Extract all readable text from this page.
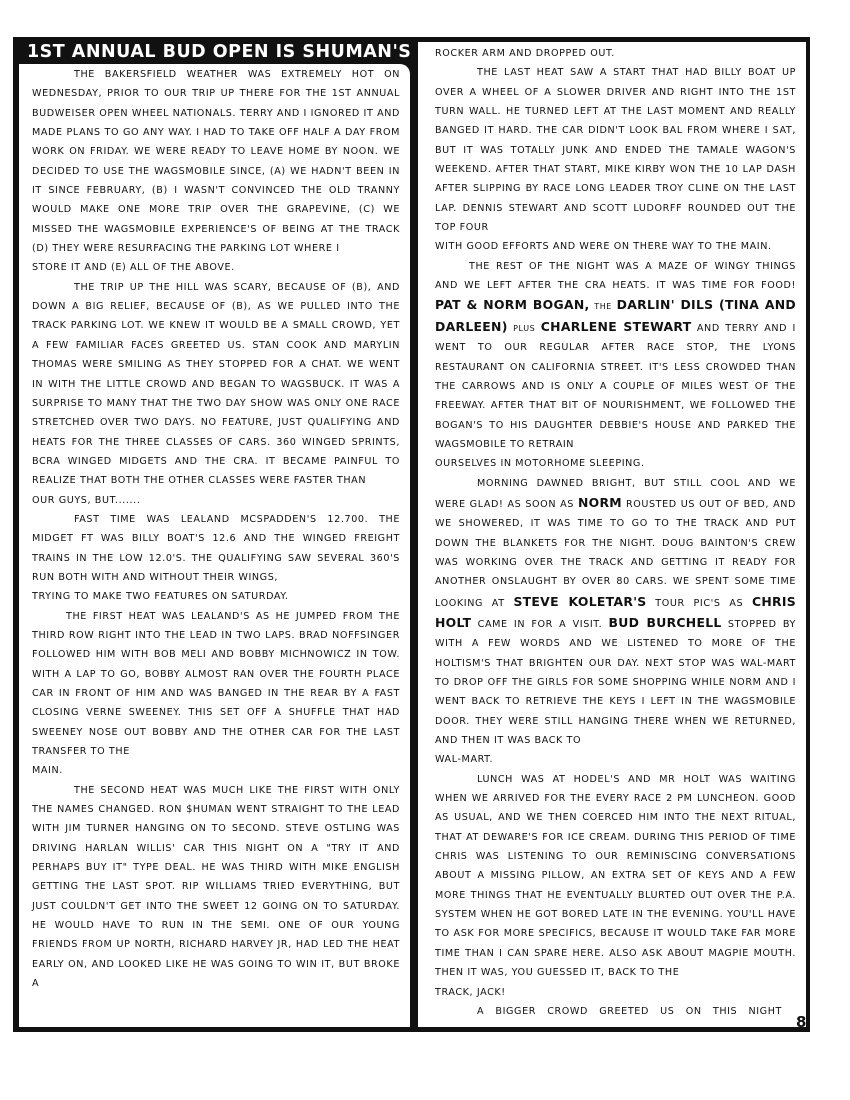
1ST ANNUAL BUD OPEN IS SHUMAN'S

THE BAKERSFIELD WEATHER WAS EXTREMELY HOT ON WEDNESDAY, PRIOR TO OUR TRIP UP THERE FOR THE 1ST ANNUAL BUDWEISER OPEN WHEEL NATIONALS. TERRY AND I IGNORED IT AND MADE PLANS TO GO ANY WAY. I HAD TO TAKE OFF HALF A DAY FROM WORK ON FRIDAY. WE WERE READY TO LEAVE HOME BY NOON. WE DECIDED TO USE THE WAGSMOBILE SINCE, (A) WE HADN'T BEEN IN IT SINCE FEBRUARY, (B) I WASN'T CONVINCED THE OLD TRANNY WOULD MAKE ONE MORE TRIP OVER THE GRAPEVINE, (C) WE MISSED THE WAGSMOBILE EXPERIENCE'S OF BEING AT THE TRACK (D) THEY WERE RESURFACING THE PARKING LOT WHERE I

STORE IT AND (E) ALL OF THE ABOVE.

THE TRIP UP THE HILL WAS SCARY, BECAUSE OF (B), AND DOWN A BIG RELIEF, BECAUSE OF (B), AS WE PULLED INTO THE TRACK PARKING LOT. WE KNEW IT WOULD BE A SMALL CROWD, YET A FEW FAMILIAR FACES GREETED US. STAN COOK AND MARYLIN THOMAS WERE SMILING AS THEY STOPPED FOR A CHAT. WE WENT IN WITH THE LITTLE CROWD AND BEGAN TO WAGSBUCK. IT WAS A SURPRISE TO MANY THAT THE TWO DAY SHOW WAS ONLY ONE RACE STRETCHED OVER TWO DAYS. NO FEATURE, JUST QUALIFYING AND HEATS FOR THE THREE CLASSES OF CARS. 360 WINGED SPRINTS, BCRA WINGED MIDGETS AND THE CRA. IT BECAME PAINFUL TO REALIZE THAT BOTH THE OTHER CLASSES WERE FASTER THAN

OUR GUYS, BUT.......

FAST TIME WAS LEALAND MCSPADDEN'S 12.700. THE MIDGET FT WAS BILLY BOAT'S 12.6 AND THE WINGED FREIGHT TRAINS IN THE LOW 12.0'S. THE QUALIFYING SAW SEVERAL 360'S RUN BOTH WITH AND WITHOUT THEIR WINGS,

TRYING TO MAKE TWO FEATURES ON SATURDAY.

THE FIRST HEAT WAS LEALAND'S AS HE JUMPED FROM THE THIRD ROW RIGHT INTO THE LEAD IN TWO LAPS. BRAD NOFFSINGER FOLLOWED HIM WITH BOB MELI AND BOBBY MICHNOWICZ IN TOW. WITH A LAP TO GO, BOBBY ALMOST RAN OVER THE FOURTH PLACE CAR IN FRONT OF HIM AND WAS BANGED IN THE REAR BY A FAST CLOSING VERNE SWEENEY. THIS SET OFF A SHUFFLE THAT HAD SWEENEY NOSE OUT BOBBY AND THE OTHER CAR FOR THE LAST TRANSFER TO THE

MAIN.

THE SECOND HEAT WAS MUCH LIKE THE FIRST WITH ONLY THE NAMES CHANGED. RON $HUMAN WENT STRAIGHT TO THE LEAD WITH JIM TURNER HANGING ON TO SECOND. STEVE OSTLING WAS DRIVING HARLAN WILLIS' CAR THIS NIGHT ON A "TRY IT AND PERHAPS BUY IT" TYPE DEAL. HE WAS THIRD WITH MIKE ENGLISH GETTING THE LAST SPOT. RIP WILLIAMS TRIED EVERYTHING, BUT JUST COULDN'T GET INTO THE SWEET 12 GOING ON TO SATURDAY. HE WOULD HAVE TO RUN IN THE SEMI. ONE OF OUR YOUNG FRIENDS FROM UP NORTH, RICHARD HARVEY JR, HAD LED THE HEAT EARLY ON, AND LOOKED LIKE HE WAS GOING TO WIN IT, BUT BROKE A

ROCKER ARM AND DROPPED OUT.

THE LAST HEAT SAW A START THAT HAD BILLY BOAT UP OVER A WHEEL OF A SLOWER DRIVER AND RIGHT INTO THE 1ST TURN WALL. HE TURNED LEFT AT THE LAST MOMENT AND REALLY BANGED IT HARD. THE CAR DIDN'T LOOK BAL FROM WHERE I SAT, BUT IT WAS TOTALLY JUNK AND ENDED THE TAMALE WAGON'S WEEKEND. AFTER THAT START, MIKE KIRBY WON THE 10 LAP DASH AFTER SLIPPING BY RACE LONG LEADER TROY CLINE ON THE LAST LAP. DENNIS STEWART AND SCOTT LUDORFF ROUNDED OUT THE TOP FOUR

WITH GOOD EFFORTS AND WERE ON THERE WAY TO THE MAIN.

THE REST OF THE NIGHT WAS A MAZE OF WINGY THINGS AND WE LEFT AFTER THE CRA HEATS. IT WAS TIME FOR FOOD! PAT & NORM BOGAN, THE DARLIN' DILS (TINA AND DARLEEN) PLUS CHARLENE STEWART AND TERRY AND I WENT TO OUR REGULAR AFTER RACE STOP, THE LYONS RESTAURANT ON CALIFORNIA STREET. IT'S LESS CROWDED THAN THE CARROWS AND IS ONLY A COUPLE OF MILES WEST OF THE FREEWAY. AFTER THAT BIT OF NOURISHMENT, WE FOLLOWED THE BOGAN'S TO HIS DAUGHTER DEBBIE'S HOUSE AND PARKED THE WAGSMOBILE TO RETRAIN

OURSELVES IN MOTORHOME SLEEPING.

MORNING DAWNED BRIGHT, BUT STILL COOL AND WE WERE GLAD! AS SOON AS NORM ROUSTED US OUT OF BED, AND WE SHOWERED, IT WAS TIME TO GO TO THE TRACK AND PUT DOWN THE BLANKETS FOR THE NIGHT. DOUG BAINTON'S CREW WAS WORKING OVER THE TRACK AND GETTING IT READY FOR ANOTHER ONSLAUGHT BY OVER 80 CARS. WE SPENT SOME TIME LOOKING AT STEVE KOLETAR'S TOUR PIC'S AS CHRIS HOLT CAME IN FOR A VISIT. BUD BURCHELL STOPPED BY WITH A FEW WORDS AND WE LISTENED TO MORE OF THE HOLTISM'S THAT BRIGHTEN OUR DAY. NEXT STOP WAS WAL-MART TO DROP OFF THE GIRLS FOR SOME SHOPPING WHILE NORM AND I WENT BACK TO RETRIEVE THE KEYS I LEFT IN THE WAGSMOBILE DOOR. THEY WERE STILL HANGING THERE WHEN WE RETURNED, AND THEN IT WAS BACK TO

WAL-MART.

LUNCH WAS AT HODEL'S AND MR HOLT WAS WAITING WHEN WE ARRIVED FOR THE EVERY RACE 2 PM LUNCHEON. GOOD AS USUAL, AND WE THEN COERCED HIM INTO THE NEXT RITUAL, THAT AT DEWARE'S FOR ICE CREAM. DURING THIS PERIOD OF TIME CHRIS WAS LISTENING TO OUR REMINISCING CONVERSATIONS ABOUT A MISSING PILLOW, AN EXTRA SET OF KEYS AND A FEW MORE THINGS THAT HE EVENTUALLY BLURTED OUT OVER THE P.A. SYSTEM WHEN HE GOT BORED LATE IN THE EVENING. YOU'LL HAVE TO ASK FOR MORE SPECIFICS, BECAUSE IT WOULD TAKE FAR MORE TIME THAN I CAN SPARE HERE. ALSO ASK ABOUT MAGPIE MOUTH. THEN IT WAS, YOU GUESSED IT, BACK TO THE

TRACK, JACK!

A BIGGER CROWD GREETED US ON THIS NIGHT

8
